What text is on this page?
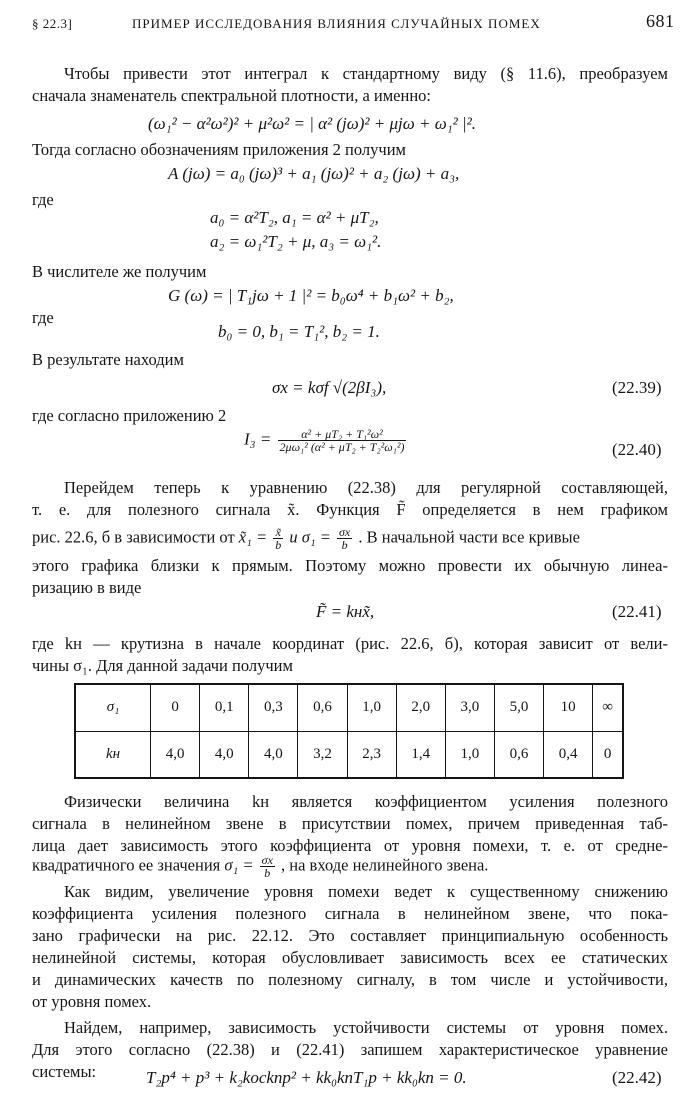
§ 22.3]	ПРИМЕР ИССЛЕДОВАНИЯ ВЛИЯНИЯ СЛУЧАЙНЫХ ПОМЕХ	681
Чтобы привести этот интеграл к стандартному виду (§ 11.6), преобразуем
сначала знаменатель спектральной плотности, а именно:
(ω₁² − α²ω²)² + μ²ω² = | α² (jω)² + μjω + ω₁² |².
Тогда согласно обозначениям приложения 2 получим
A (jω) = a₀ (jω)³ + a₁ (jω)² + a₂ (jω) + a₃,
где
a₀ = α²T₂, a₁ = α² + μT₂,
a₂ = ω₁²T₂ + μ, a₃ = ω₁².
В числителе же получим
G (ω) = | T₁jω + 1 |² = b₀ω⁴ + b₁ω² + b₂,
где
b₀ = 0, b₁ = T₁², b₂ = 1.
В результате находим
σx = kσf √(2βI₃),	(22.39)
где согласно приложению 2
$I_3 = \frac{\text{α² + μT₂ + T₁²ω²}}{\text{2μω₁² (α² + μT₂ + T₂²ω₁²)}}$	(22.40)
Перейдем теперь к уравнению (22.38) для регулярной составляющей,
т. е. для полезного сигнала x̃. Функция F̃ определяется в нем графиком
рис. 22.6, б в зависимости от x̃₁ = $\frac{x̃}{b}$ и $\sigma_1 = \frac{\sigma x}{b}$ . В начальной части все кривые
этого графика близки к прямым. Поэтому можно провести их обычную линеа-
ризацию в виде
F̃ = kнx̃,	(22.41)
где kн — крутизна в начале координат (рис. 22.6, б), которая зависит от вели-
чины σ₁. Для данной задачи получим
σ₁	0	0,1	0,3	0,6	1,0	2,0	3,0	5,0	10	∞
kн	4,0	4,0	4,0	3,2	2,3	1,4	1,0	0,6	0,4	0
Физически величина kн является коэффициентом усиления полезного
сигнала в нелинейном звене в присутствии помех, причем приведенная таб-
лица дает зависимость этого коэффициента от уровня помехи, т. е. от средне-
квадратичного ее значения $\sigma_1 = \frac{\sigma x}{b}$ , на входе нелинейного звена.
Как видим, увеличение уровня помехи ведет к существенному снижению
коэффициента усиления полезного сигнала в нелинейном звене, что пока-
зано графически на рис. 22.12. Это составляет принципиальную особенность
нелинейной системы, которая обусловливает зависимость всех ее статических
и динамических качеств по полезному сигналу, в том числе и устойчивости,
от уровня помех.
Найдем, например, зависимость устойчивости системы от уровня помех.
Для этого согласно (22.38) и (22.41) запишем характеристическое уравнение
системы:	T₂p⁴ + p³ + k₂kocknp² + kk₀knT₁p + kk₀kn = 0.	(22.42)
